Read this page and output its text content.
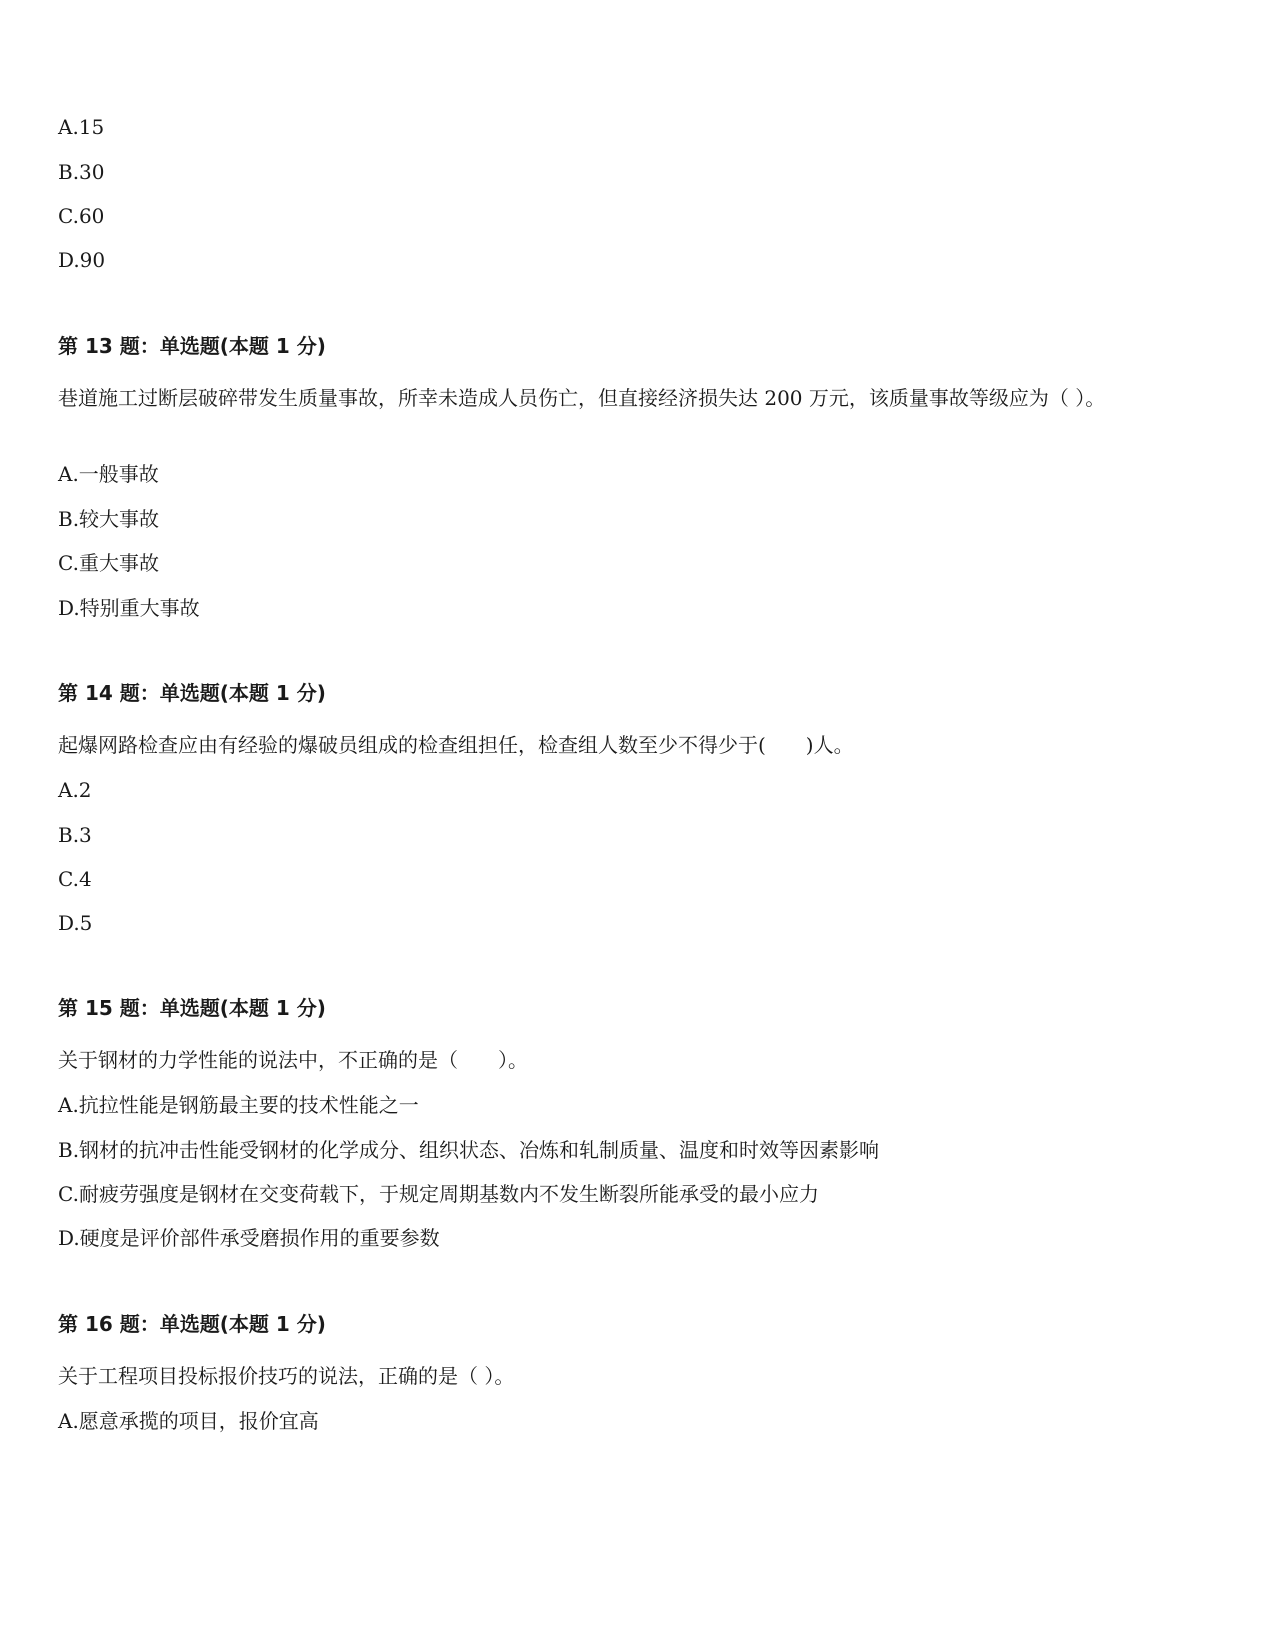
A.15
B.30
C.60
D.90
第 13 题：单选题(本题 1 分)
巷道施工过断层破碎带发生质量事故，所幸未造成人员伤亡，但直接经济损失达 200 万元，该质量事故等级应为（ ）。
A.一般事故
B.较大事故
C.重大事故
D.特别重大事故
第 14 题：单选题(本题 1 分)
起爆网路检查应由有经验的爆破员组成的检查组担任，检查组人数至少不得少于(　　)人。
A.2
B.3
C.4
D.5
第 15 题：单选题(本题 1 分)
关于钢材的力学性能的说法中，不正确的是（　　）。
A.抗拉性能是钢筋最主要的技术性能之一
B.钢材的抗冲击性能受钢材的化学成分、组织状态、冶炼和轧制质量、温度和时效等因素影响
C.耐疲劳强度是钢材在交变荷载下，于规定周期基数内不发生断裂所能承受的最小应力
D.硬度是评价部件承受磨损作用的重要参数
第 16 题：单选题(本题 1 分)
关于工程项目投标报价技巧的说法，正确的是（ ）。
A.愿意承揽的项目，报价宜高
